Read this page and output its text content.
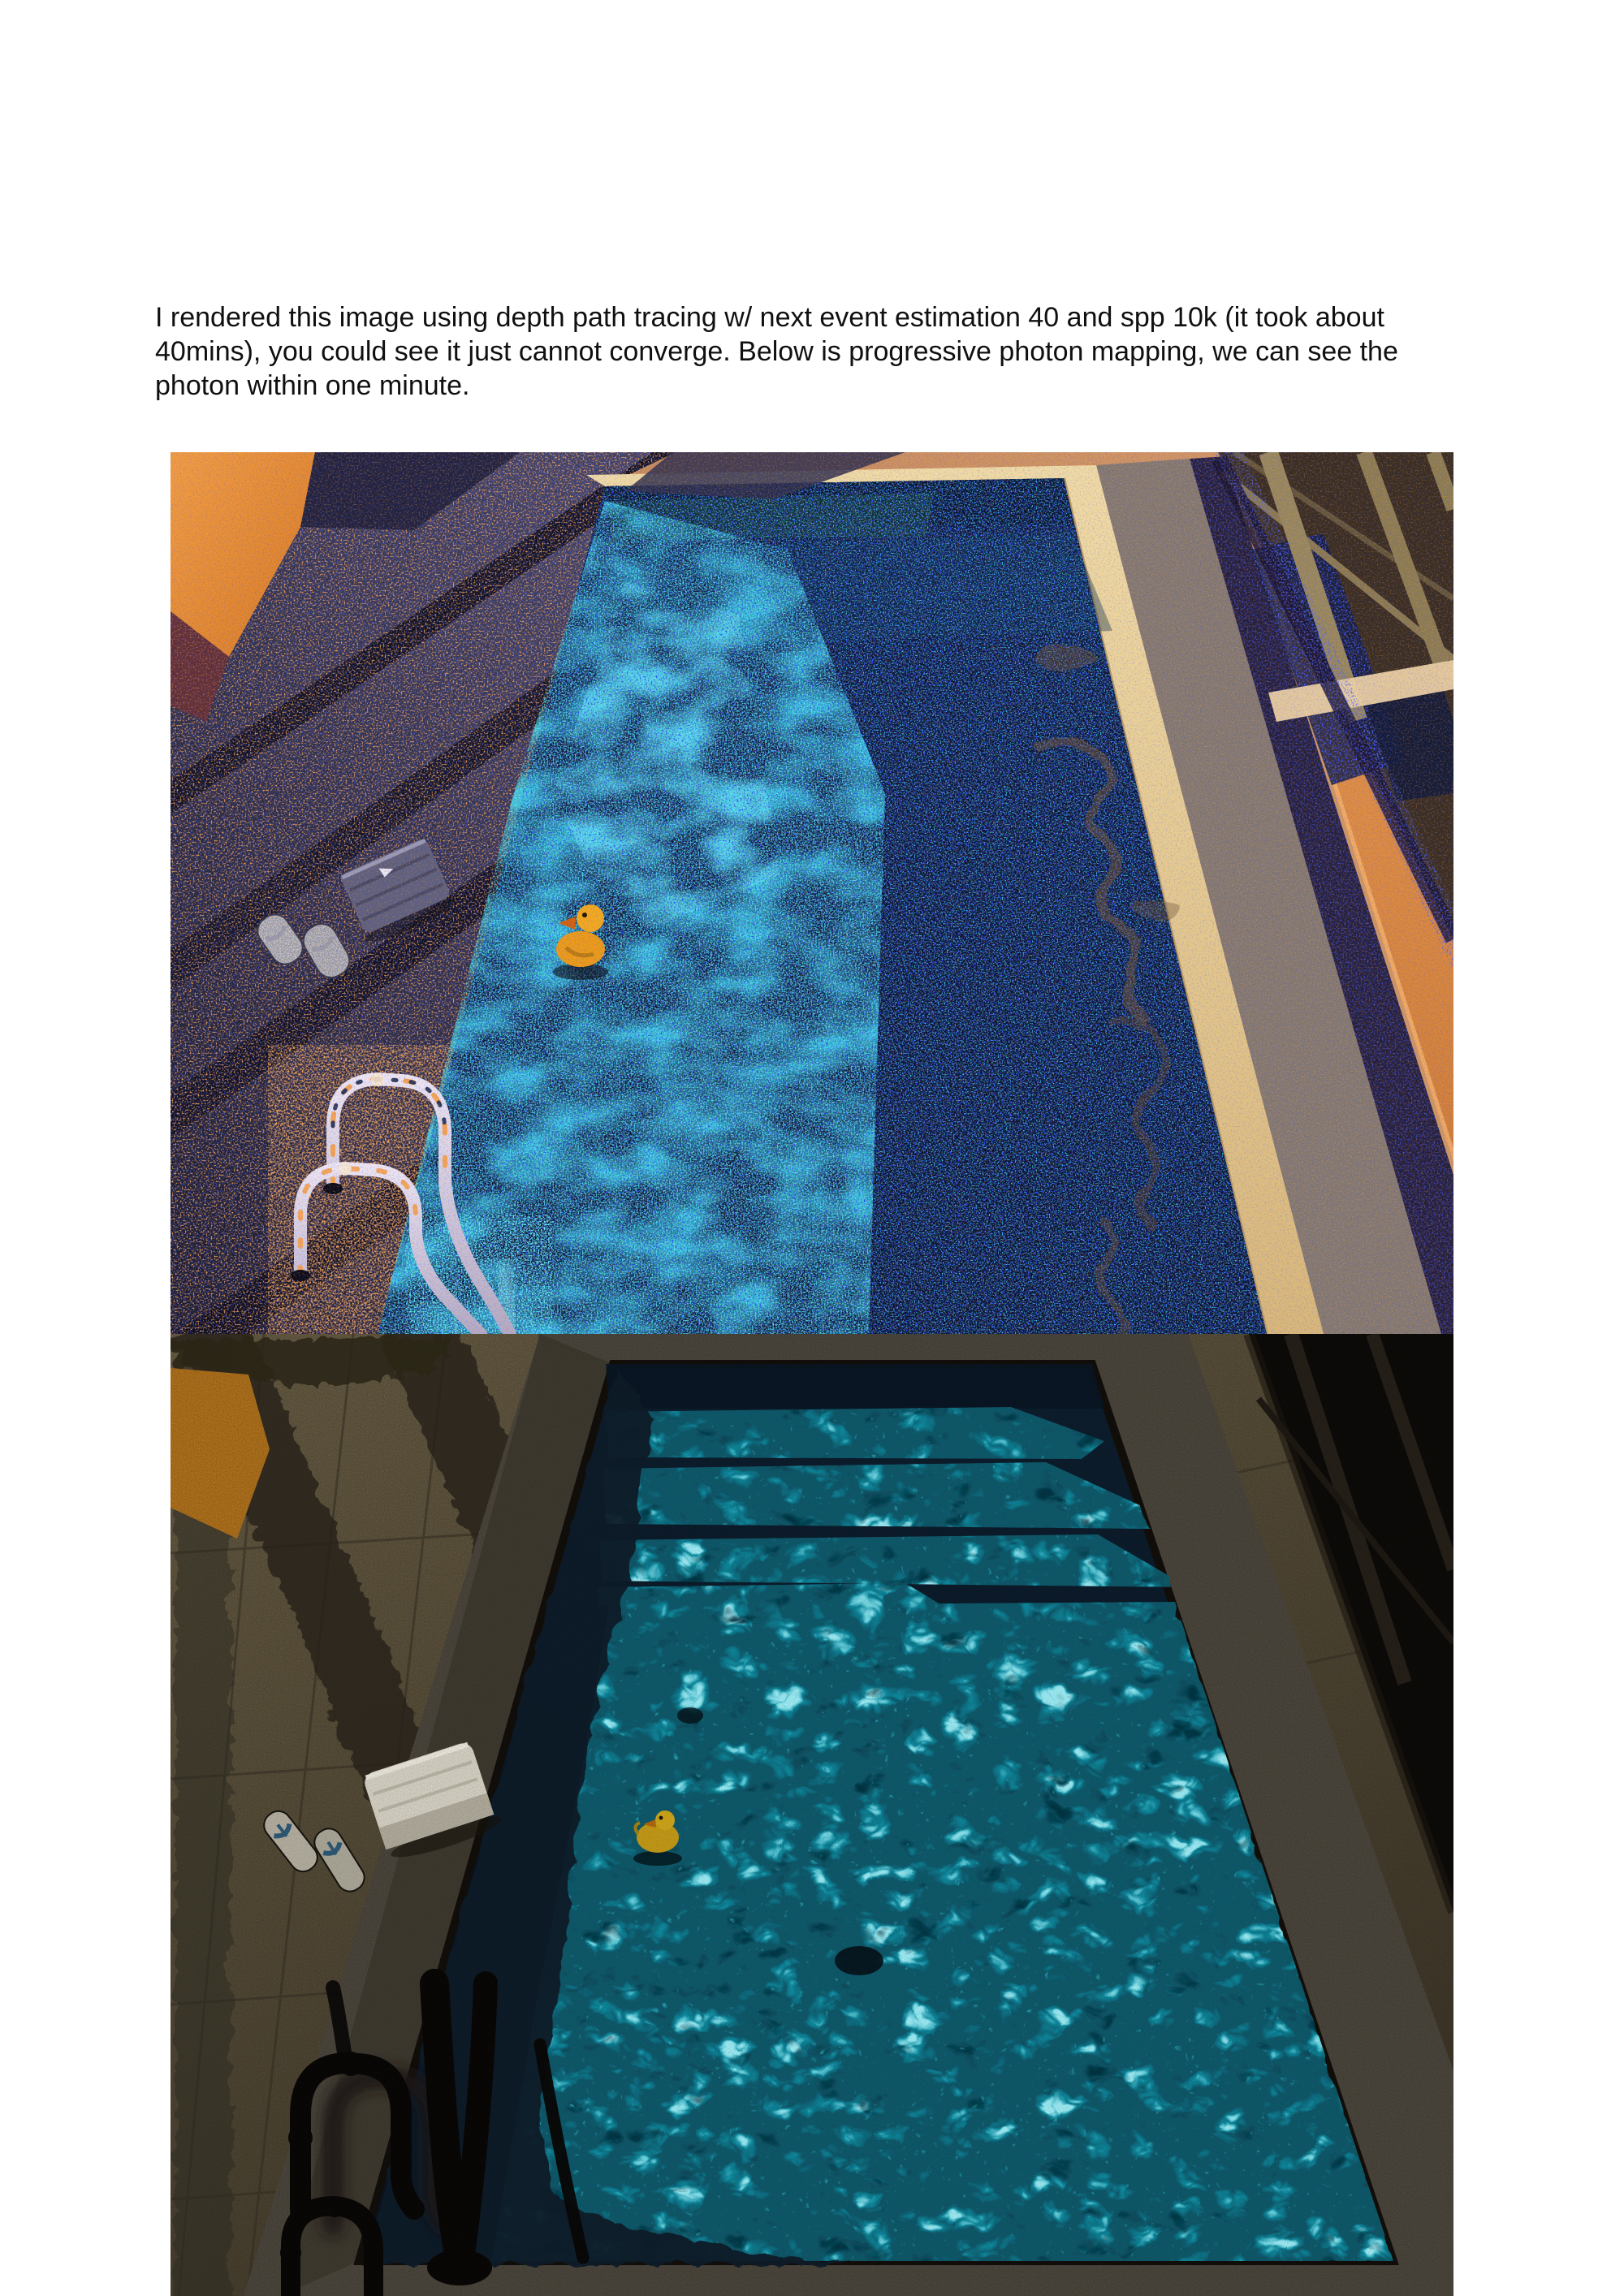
I rendered this image using depth path tracing w/ next event estimation 40 and spp 10k (it took about 40mins), you could see it just cannot converge. Below is progressive photon mapping, we can see the photon within one minute.
